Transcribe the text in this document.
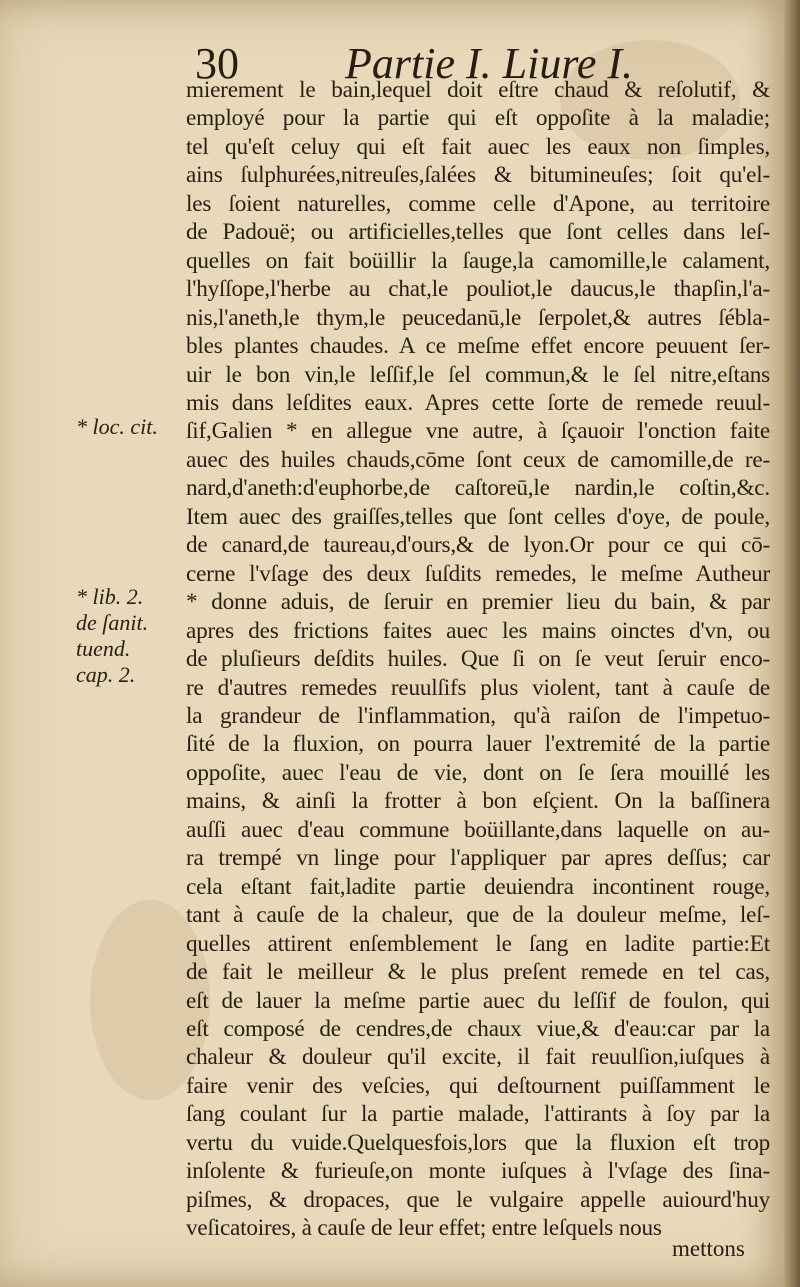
30 Partie I. Liure I.
mierement le bain,lequel doit eſtre chaud & reſolutif, &
employé pour la partie qui eſt oppoſite à la maladie;
tel qu'eſt celuy qui eſt fait auec les eaux non ſimples,
ains ſulphurées,nitreuſes,ſalées & bitumineuſes; ſoit qu'el-
les ſoient naturelles, comme celle d'Apone, au territoire
de Padouë; ou artificielles,telles que ſont celles dans leſ-
quelles on fait boüillir la ſauge,la camomille,le calament,
l'hyſſope,l'herbe au chat,le pouliot,le daucus,le thapſin,l'a-
nis,l'aneth,le thym,le peucedanū,le ſerpolet,& autres ſébla-
bles plantes chaudes. A ce meſme effet encore peuuent ſer-
uir le bon vin,le leſſif,le ſel commun,& le ſel nitre,eſtans
mis dans leſdites eaux. Apres cette ſorte de remede reuul-
ſif,Galien * en allegue vne autre, à ſçauoir l'onction faite
auec des huiles chauds,cōme ſont ceux de camomille,de re-
nard,d'aneth:d'euphorbe,de caſtoreū,le nardin,le coſtin,&c.
Item auec des graiſſes,telles que ſont celles d'oye, de poule,
de canard,de taureau,d'ours,& de lyon.Or pour ce qui cō-
cerne l'vſage des deux ſuſdits remedes, le meſme Autheur
* donne aduis, de ſeruir en premier lieu du bain, & par
apres des frictions faites auec les mains oinctes d'vn, ou
de pluſieurs deſdits huiles. Que ſi on ſe veut ſeruir enco-
re d'autres remedes reuulſifs plus violent, tant à cauſe de
la grandeur de l'inflammation, qu'à raiſon de l'impetuo-
ſité de la fluxion, on pourra lauer l'extremité de la partie
oppoſite, auec l'eau de vie, dont on ſe ſera mouillé les
mains, & ainſi la frotter à bon eſçient. On la baſſinera
auſſi auec d'eau commune boüillante,dans laquelle on au-
ra trempé vn linge pour l'appliquer par apres deſſus; car
cela eſtant fait,ladite partie deuiendra incontinent rouge,
tant à cauſe de la chaleur, que de la douleur meſme, leſ-
quelles attirent enſemblement le ſang en ladite partie:Et
de fait le meilleur & le plus preſent remede en tel cas,
eſt de lauer la meſme partie auec du leſſif de foulon, qui
eſt composé de cendres,de chaux viue,& d'eau:car par la
chaleur & douleur qu'il excite, il fait reuulſion,iuſques à
faire venir des veſcies, qui deſtournent puiſſamment le
ſang coulant ſur la partie malade, l'attirants à ſoy par la
vertu du vuide.Quelquesfois,lors que la fluxion eſt trop
inſolente & furieuſe,on monte iuſques à l'vſage des ſina-
piſmes, & dropaces, que le vulgaire appelle auiourd'huy
veſicatoires, à cauſe de leur effet; entre leſquels nous
* loc. cit.
* lib. 2.
de ſanit.
tuend.
cap. 2.
mettons
